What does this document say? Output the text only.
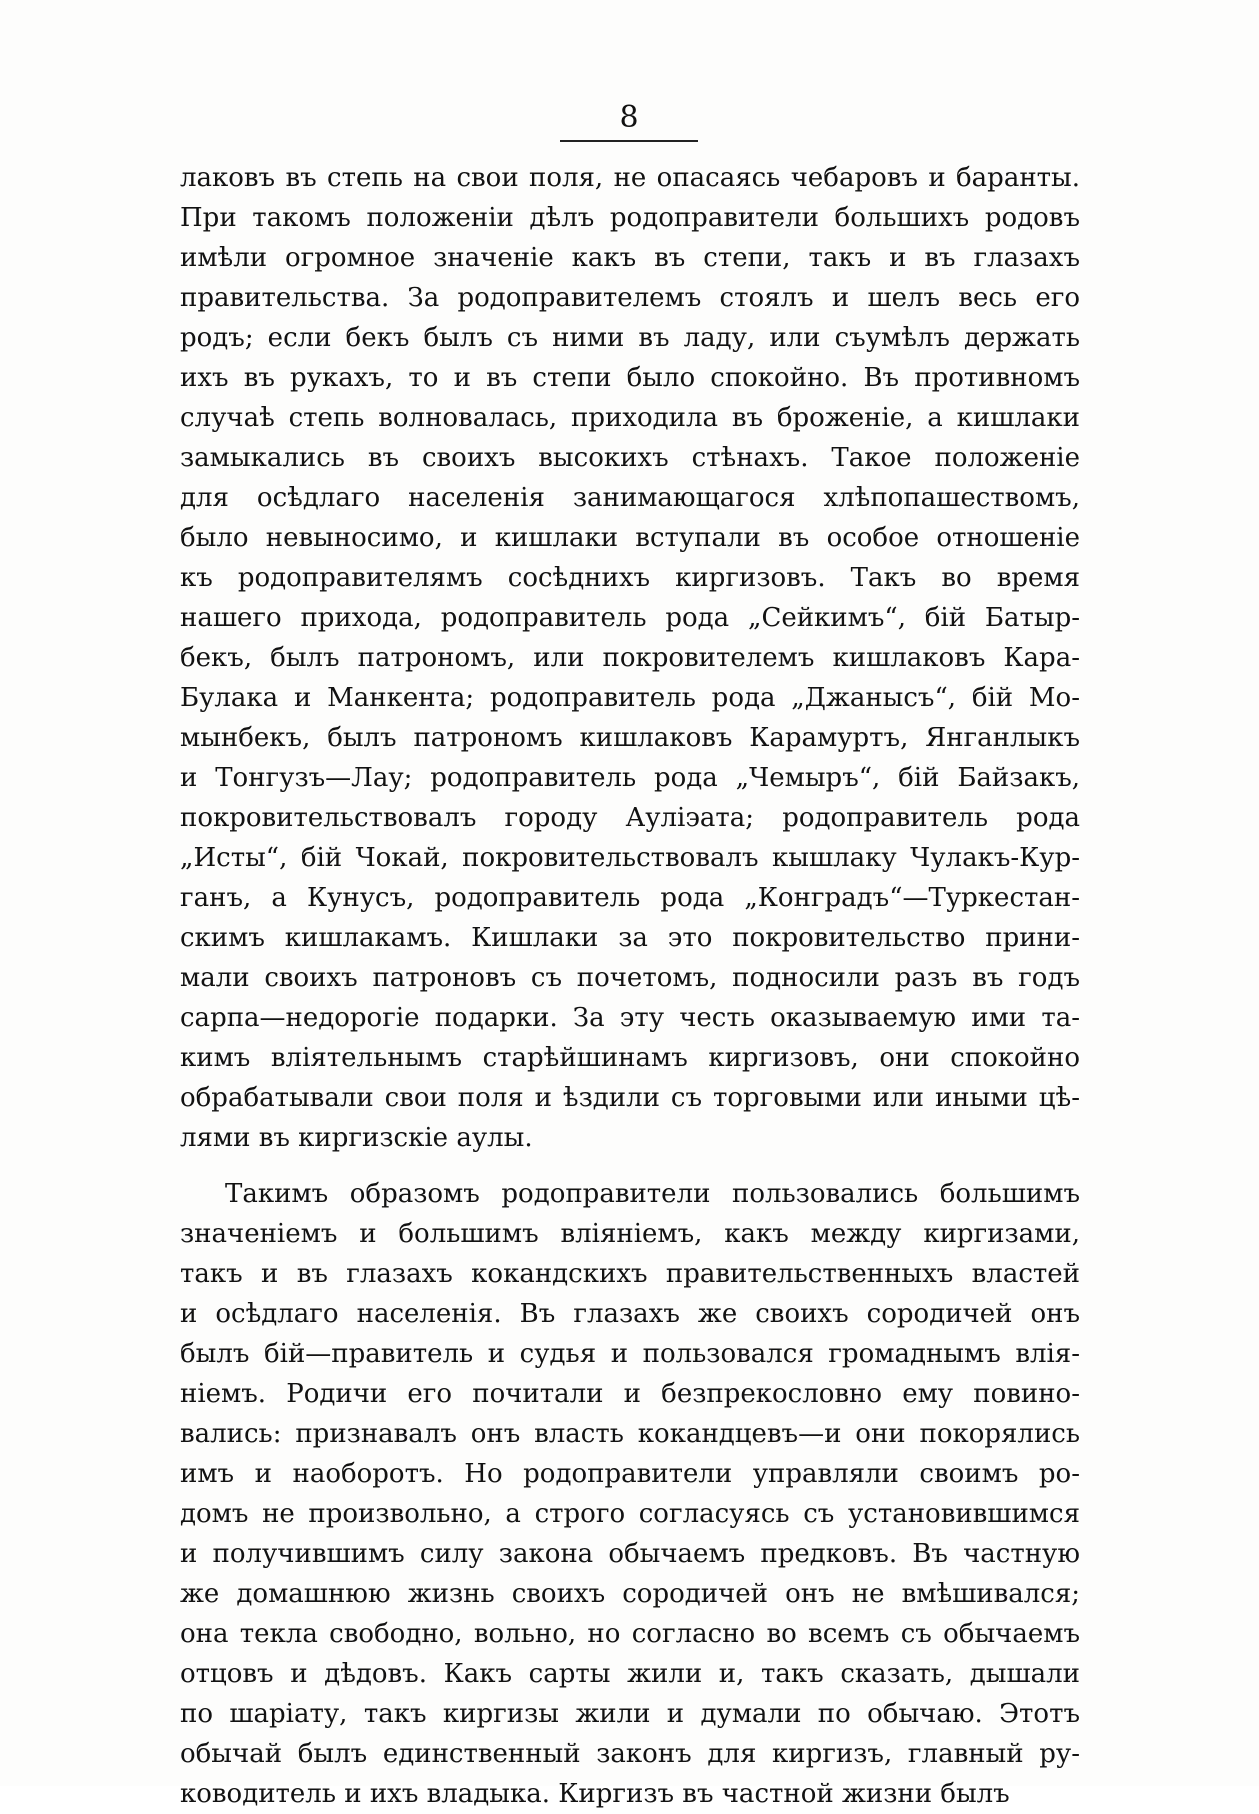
8
лаковъ въ степь на свои поля, не опасаясь чебаровъ и баранты.
При такомъ положенiи дѣлъ родоправители большихъ родовъ
имѣли огромное значенiе какъ въ степи, такъ и въ глазахъ
правительства. За родоправителемъ стоялъ и шелъ весь его
родъ; если бекъ былъ съ ними въ ладу, или съумѣлъ держать
ихъ въ рукахъ, то и въ степи было спокойно. Въ противномъ
случаѣ степь волновалась, приходила въ броженiе, а кишлаки
замыкались въ своихъ высокихъ стѣнахъ. Такое положенiе
для осѣдлаго населенiя занимающагося хлѣпопашествомъ,
было невыносимо, и кишлаки вступали въ особое отношенiе
къ родоправителямъ сосѣднихъ киргизовъ. Такъ во время
нашего прихода, родоправитель рода „Сейкимъ“, бiй Батыр-
бекъ, былъ патрономъ, или покровителемъ кишлаковъ Кара-
Булака и Манкента; родоправитель рода „Джанысъ“, бiй Мо-
мынбекъ, былъ патрономъ кишлаковъ Карамуртъ, Янганлыкъ
и Тонгузъ—Лау; родоправитель рода „Чемыръ“, бiй Байзакъ,
покровительствовалъ городу Аулiэата; родоправитель рода
„Исты“, бiй Чокай, покровительствовалъ кышлаку Чулакъ-Кур-
ганъ, а Кунусъ, родоправитель рода „Конградъ“—Туркестан-
скимъ кишлакамъ. Кишлаки за это покровительство прини-
мали своихъ патроновъ съ почетомъ, подносили разъ въ годъ
сарпа—недорогiе подарки. За эту честь оказываемую ими та-
кимъ влiятельнымъ старѣйшинамъ киргизовъ, они спокойно
обрабатывали свои поля и ѣздили съ торговыми или иными цѣ-
лями въ киргизскiе аулы.
Такимъ образомъ родоправители пользовались большимъ
значенiемъ и большимъ влiянiемъ, какъ между киргизами,
такъ и въ глазахъ кокандскихъ правительственныхъ властей
и осѣдлаго населенiя. Въ глазахъ же своихъ сородичей онъ
былъ бiй—правитель и судья и пользовался громаднымъ влiя-
нiемъ. Родичи его почитали и безпрекословно ему повино-
вались: признавалъ онъ власть кокандцевъ—и они покорялись
имъ и наоборотъ. Но родоправители управляли своимъ ро-
домъ не произвольно, а строго согласуясь съ установившимся
и получившимъ силу закона обычаемъ предковъ. Въ частную
же домашнюю жизнь своихъ сородичей онъ не вмѣшивался;
она текла свободно, вольно, но согласно во всемъ съ обычаемъ
отцовъ и дѣдовъ. Какъ сарты жили и, такъ сказать, дышали
по шарiату, такъ киргизы жили и думали по обычаю. Этотъ
обычай былъ единственный законъ для киргизъ, главный ру-
ководитель и ихъ владыка. Киргизъ въ частной жизни былъ
